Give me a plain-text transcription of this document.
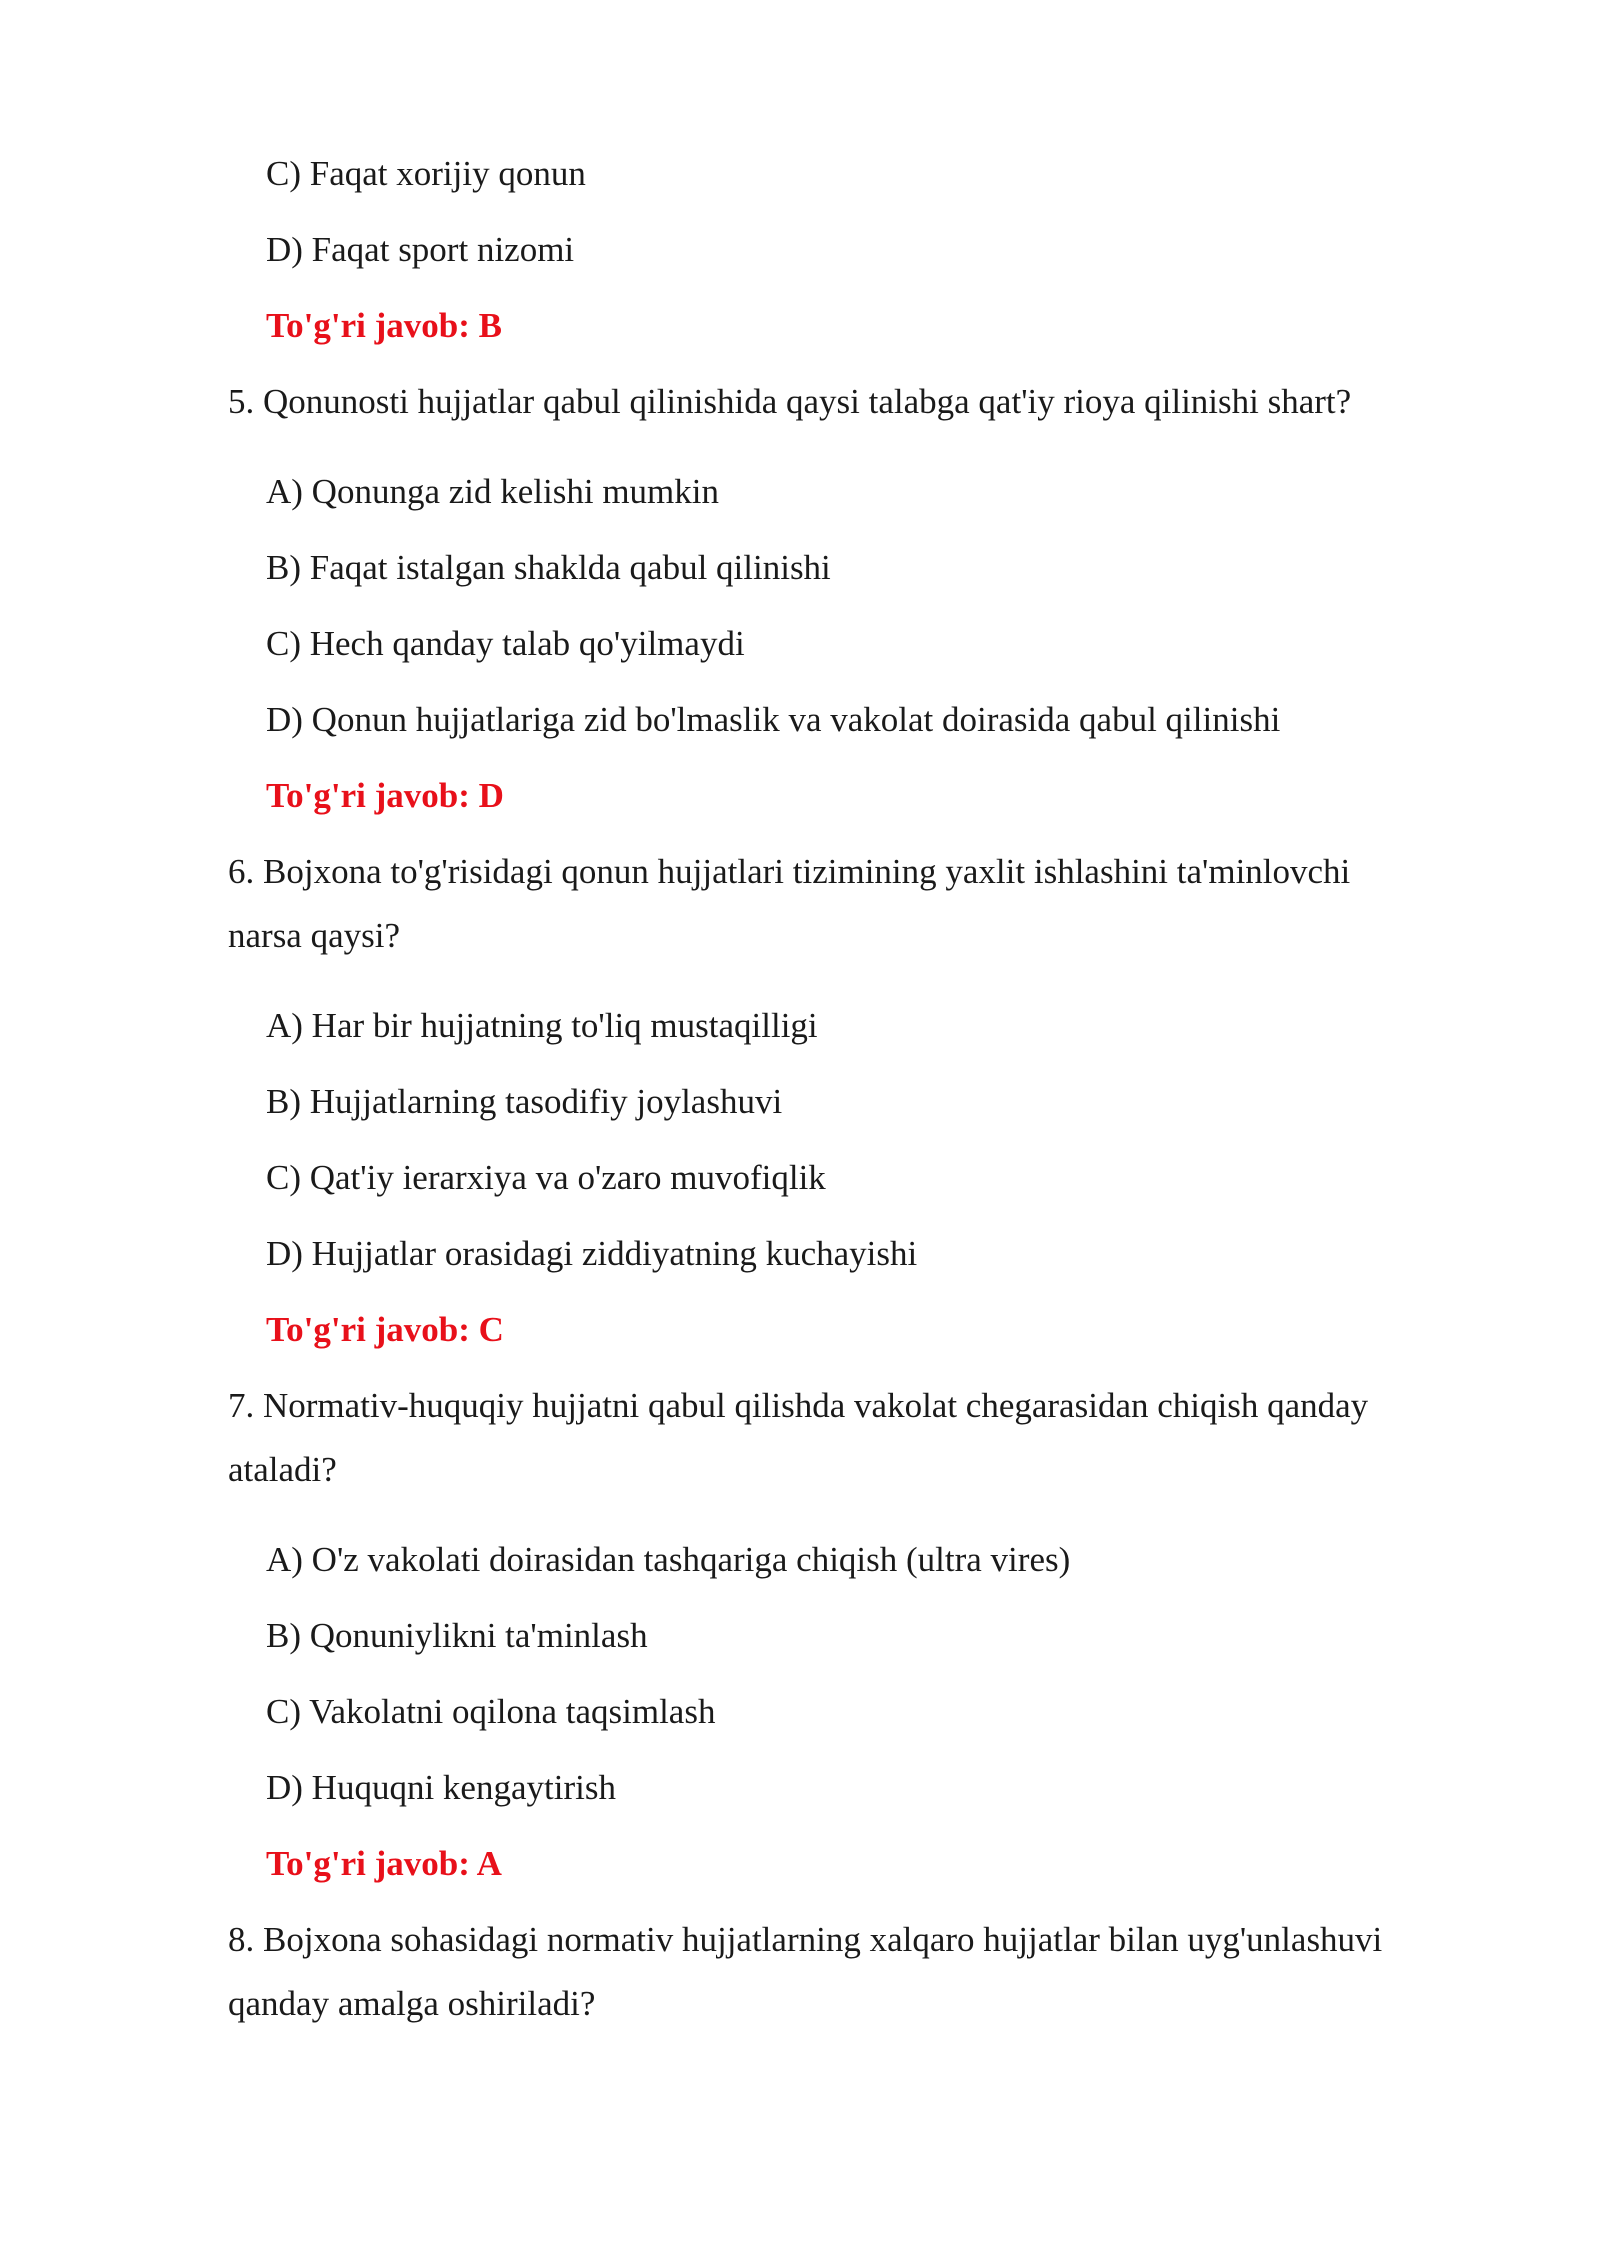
C) Faqat xorijiy qonun
D) Faqat sport nizomi
To'g'ri javob: B
5. Qonunosti hujjatlar qabul qilinishida qaysi talabga qat'iy rioya qilinishi shart?
A) Qonunga zid kelishi mumkin
B) Faqat istalgan shaklda qabul qilinishi
C) Hech qanday talab qo'yilmaydi
D) Qonun hujjatlariga zid bo'lmaslik va vakolat doirasida qabul qilinishi
To'g'ri javob: D
6. Bojxona to'g'risidagi qonun hujjatlari tizimining yaxlit ishlashini ta'minlovchi
narsa qaysi?
A) Har bir hujjatning to'liq mustaqilligi
B) Hujjatlarning tasodifiy joylashuvi
C) Qat'iy ierarxiya va o'zaro muvofiqlik
D) Hujjatlar orasidagi ziddiyatning kuchayishi
To'g'ri javob: C
7. Normativ-huquqiy hujjatni qabul qilishda vakolat chegarasidan chiqish qanday
ataladi?
A) O'z vakolati doirasidan tashqariga chiqish (ultra vires)
B) Qonuniylikni ta'minlash
C) Vakolatni oqilona taqsimlash
D) Huquqni kengaytirish
To'g'ri javob: A
8. Bojxona sohasidagi normativ hujjatlarning xalqaro hujjatlar bilan uyg'unlashuvi
qanday amalga oshiriladi?
